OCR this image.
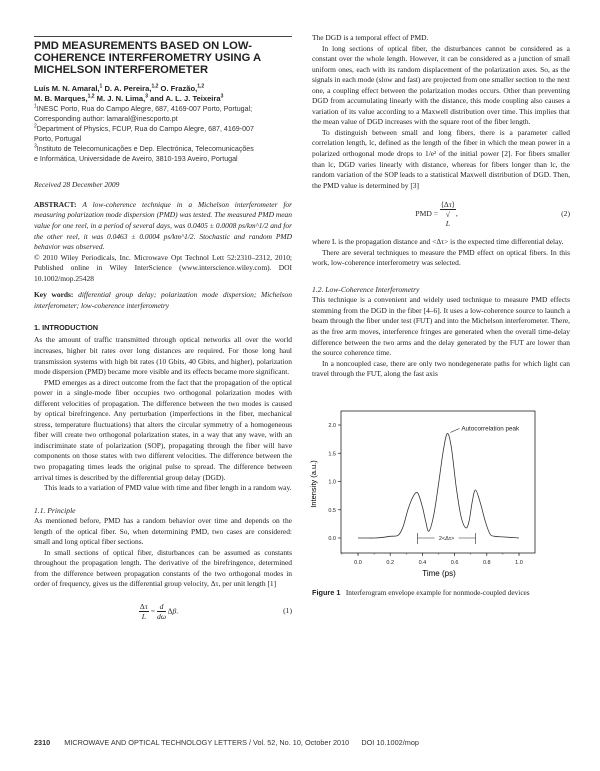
PMD MEASUREMENTS BASED ON LOW-COHERENCE INTERFEROMETRY USING A MICHELSON INTERFEROMETER
Luís M. N. Amaral,$^1$ D. A. Pereira,$^{1,2}$ O. Frazão,$^{1,2}$
M. B. Marques,$^{1,2}$ M. J. N. Lima,$^3$ and A. L. J. Teixeira$^3$
$^1$INESC Porto, Rua do Campo Alegre, 687, 4169-007 Porto, Portugal; Corresponding author: lamaral@inescporto.pt
$^2$Department of Physics, FCUP, Rua do Campo Alegre, 687, 4169-007 Porto, Portugal
$^3$Instituto de Telecomunicações e Dep. Electrónica, Telecomunicações e Informática, Universidade de Aveiro, 3810-193 Aveiro, Portugal
Received 28 December 2009

ABSTRACT: A low-coherence technique in a Michelson interferometer for measuring polarization mode dispersion (PMD) was tested. The measured PMD mean value for one reel, in a period of several days, was 0.0405 ± 0.0008 ps/km^1/2 and for the other reel, it was 0.0463 ± 0.0004 ps/km^1/2. Stochastic and random PMD behavior was observed.

© 2010 Wiley Periodicals, Inc. Microwave Opt Technol Lett 52:2310–2312, 2010; Published online in Wiley InterScience (www.interscience.wiley.com). DOI 10.1002/mop.25428

Key words: differential group delay; polarization mode dispersion; Michelson interferometer; low-coherence interferometry

1. INTRODUCTION

As the amount of traffic transmitted through optical networks all over the world increases, higher bit rates over long distances are required. For those long haul transmission systems with high bit rates (10 Gbits, 40 Gbits, and higher), polarization mode dispersion (PMD) became more visible and its effects became more significant.

PMD emerges as a direct outcome from the fact that the propagation of the optical power in a single-mode fiber occupies two orthogonal polarization modes with different velocities of propagation. The difference between the two modes is caused by optical birefringence. Any perturbation (imperfections in the fiber, mechanical stress, temperature fluctuations) that alters the circular symmetry of a homogeneous fiber will create two orthogonal polarization states, in a way that any wave, with an indiscriminate state of polarization (SOP), propagating through the fiber will have components on those states with two different velocities. The difference between the two propagating times leads the original pulse to spread. The difference between arrival times is described by the differential group delay (DGD).

This leads to a variation of PMD value with time and fiber length in a random way.

1.1. Principle

As mentioned before, PMD has a random behavior over time and depends on the length of the optical fiber. So, when determining PMD, two cases are considered: small and long optical fiber sections.

In small sections of optical fiber, disturbances can be assumed as constants throughout the propagation length. The derivative of the birefringence, determined from the difference between propagation constants of the two orthogonal modes in order of frequency, gives us the differential group velocity, Δτ, per unit length [1]

$\frac{\Delta\tau}{L} = \frac{d}{d\omega} \Delta\beta$.	(1)

The DGD is a temporal effect of PMD.

In long sections of optical fiber, the disturbances cannot be considered as a constant over the whole length. However, it can be considered as a junction of small uniform ones, each with its random displacement of the polarization axes. So, as the signals in each mode (slow and fast) are projected from one smaller section to the next one, a coupling effect between the polarization modes occurs. Other than preventing DGD from accumulating linearly with the distance, this mode coupling also causes a variation of its value according to a Maxwell distribution over time. This implies that the mean value of DGD increases with the square root of the fiber length.

To distinguish between small and long fibers, there is a parameter called correlation length, lc, defined as the length of the fiber in which the mean power in a polarized orthogonal mode drops to 1/e² of the initial power [2]. For fibers smaller than lc, DGD varies linearly with distance, whereas for fibers longer than lc, the random variation of the SOP leads to a statistical Maxwell distribution of DGD. Then, the PMD value is determined by [3]

PMD = ⟨Δτ⟩
√
L ,	(2)

where L is the propagation distance and <Δτ> is the expected time differential delay.

There are several techniques to measure the PMD effect on optical fibers. In this work, low-coherence interferometry was selected.

1.2. Low-Coherence Interferometry

This technique is a convenient and widely used technique to measure PMD effects stemming from the DGD in the fiber [4–6]. It uses a low-coherence source to launch a beam through the fiber under test (FUT) and into the Michelson interferometer. There, as the free arm moves, interference fringes are generated when the overall time-delay difference between the two arms and the delay generated by the FUT are lower than the source coherence time.

In a noncoupled case, there are only two nondegenerate paths for which light can travel through the FUT, along the fast axis

0.0	0.2	0.4	0.6	0.8	1.0
0.0
0.5
1.0
1.5
2.0	Autocorrelation peak
2<Δτ>
Time (ps)
Intensity (a.u.)
Figure 1 Interferogram envelope example for nonmode-coupled devices
2310 MICROWAVE AND OPTICAL TECHNOLOGY LETTERS / Vol. 52, No. 10, October 2010 DOI 10.1002/mop
